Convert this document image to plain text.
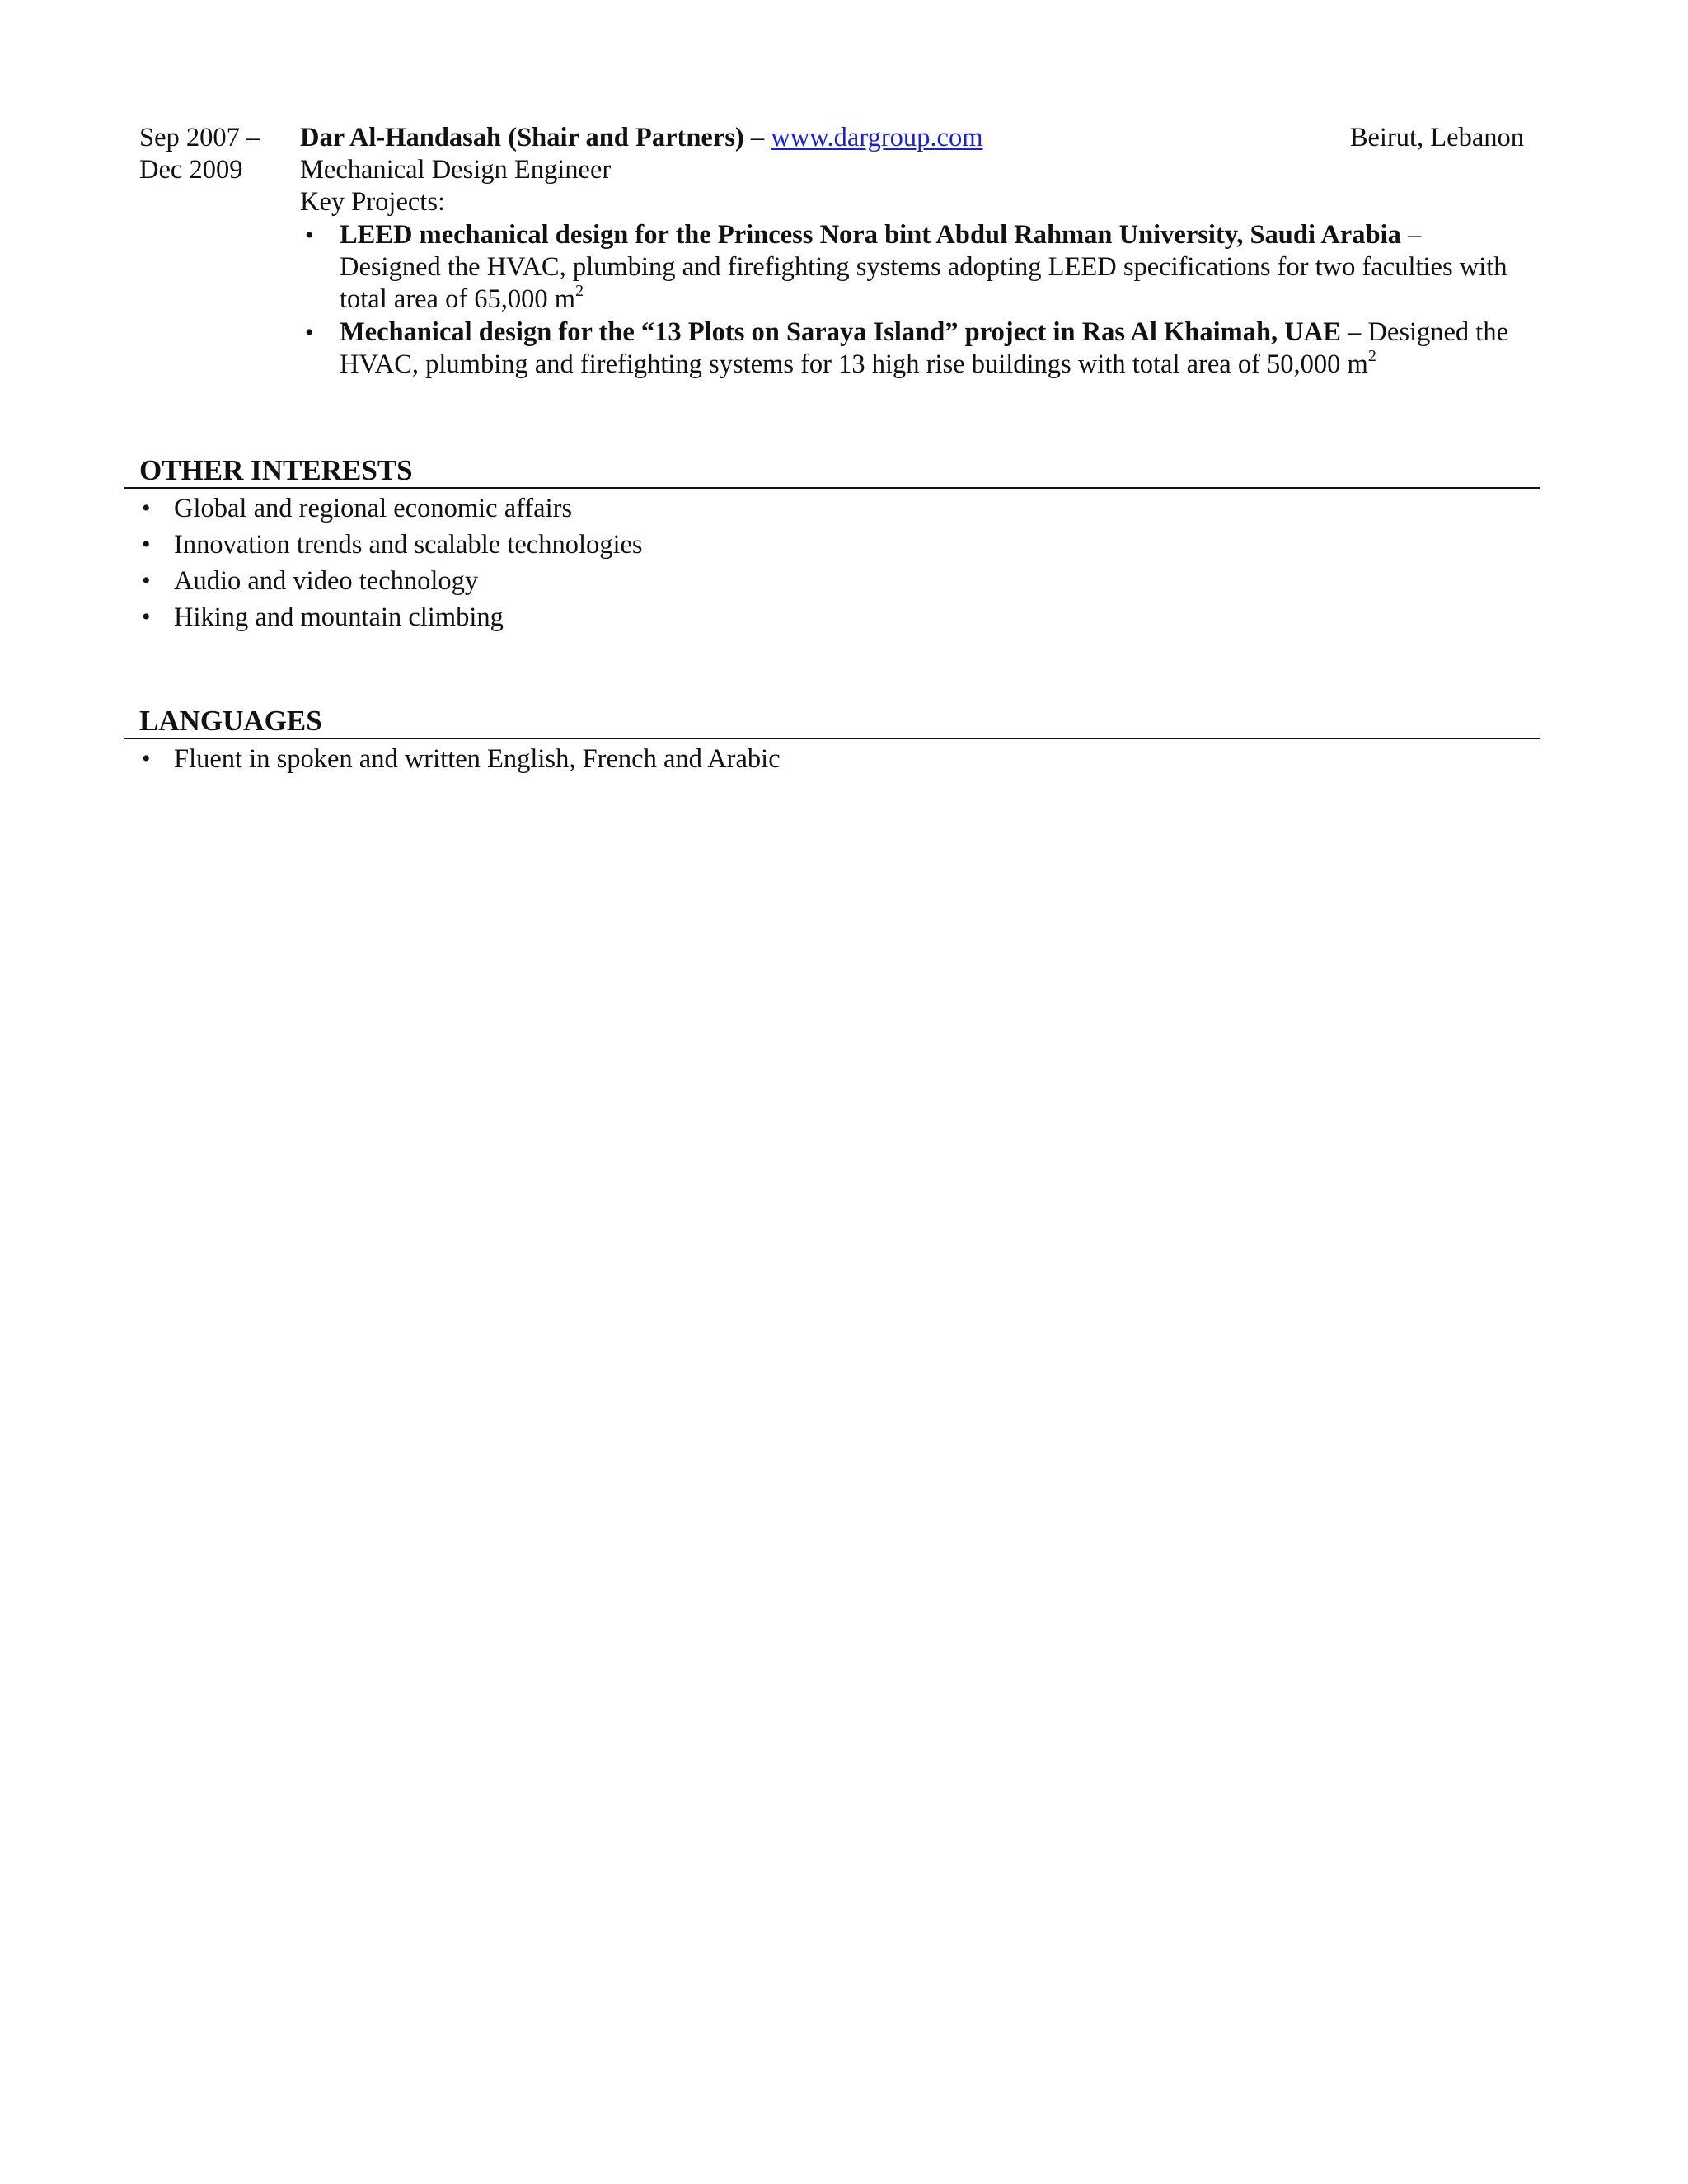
Sep 2007 –
Dec 2009
Dar Al-Handasah (Shair and Partners) – www.dargroup.com	Beirut, Lebanon
Mechanical Design Engineer
Key Projects:
• LEED mechanical design for the Princess Nora bint Abdul Rahman University, Saudi Arabia – Designed the HVAC, plumbing and firefighting systems adopting LEED specifications for two faculties with total area of 65,000 $m^2$
• Mechanical design for the “13 Plots on Saraya Island” project in Ras Al Khaimah, UAE – Designed the HVAC, plumbing and firefighting systems for 13 high rise buildings with total area of 50,000 $m^2$
OTHER INTERESTS
• Global and regional economic affairs
• Innovation trends and scalable technologies
• Audio and video technology
• Hiking and mountain climbing
LANGUAGES
• Fluent in spoken and written English, French and Arabic
